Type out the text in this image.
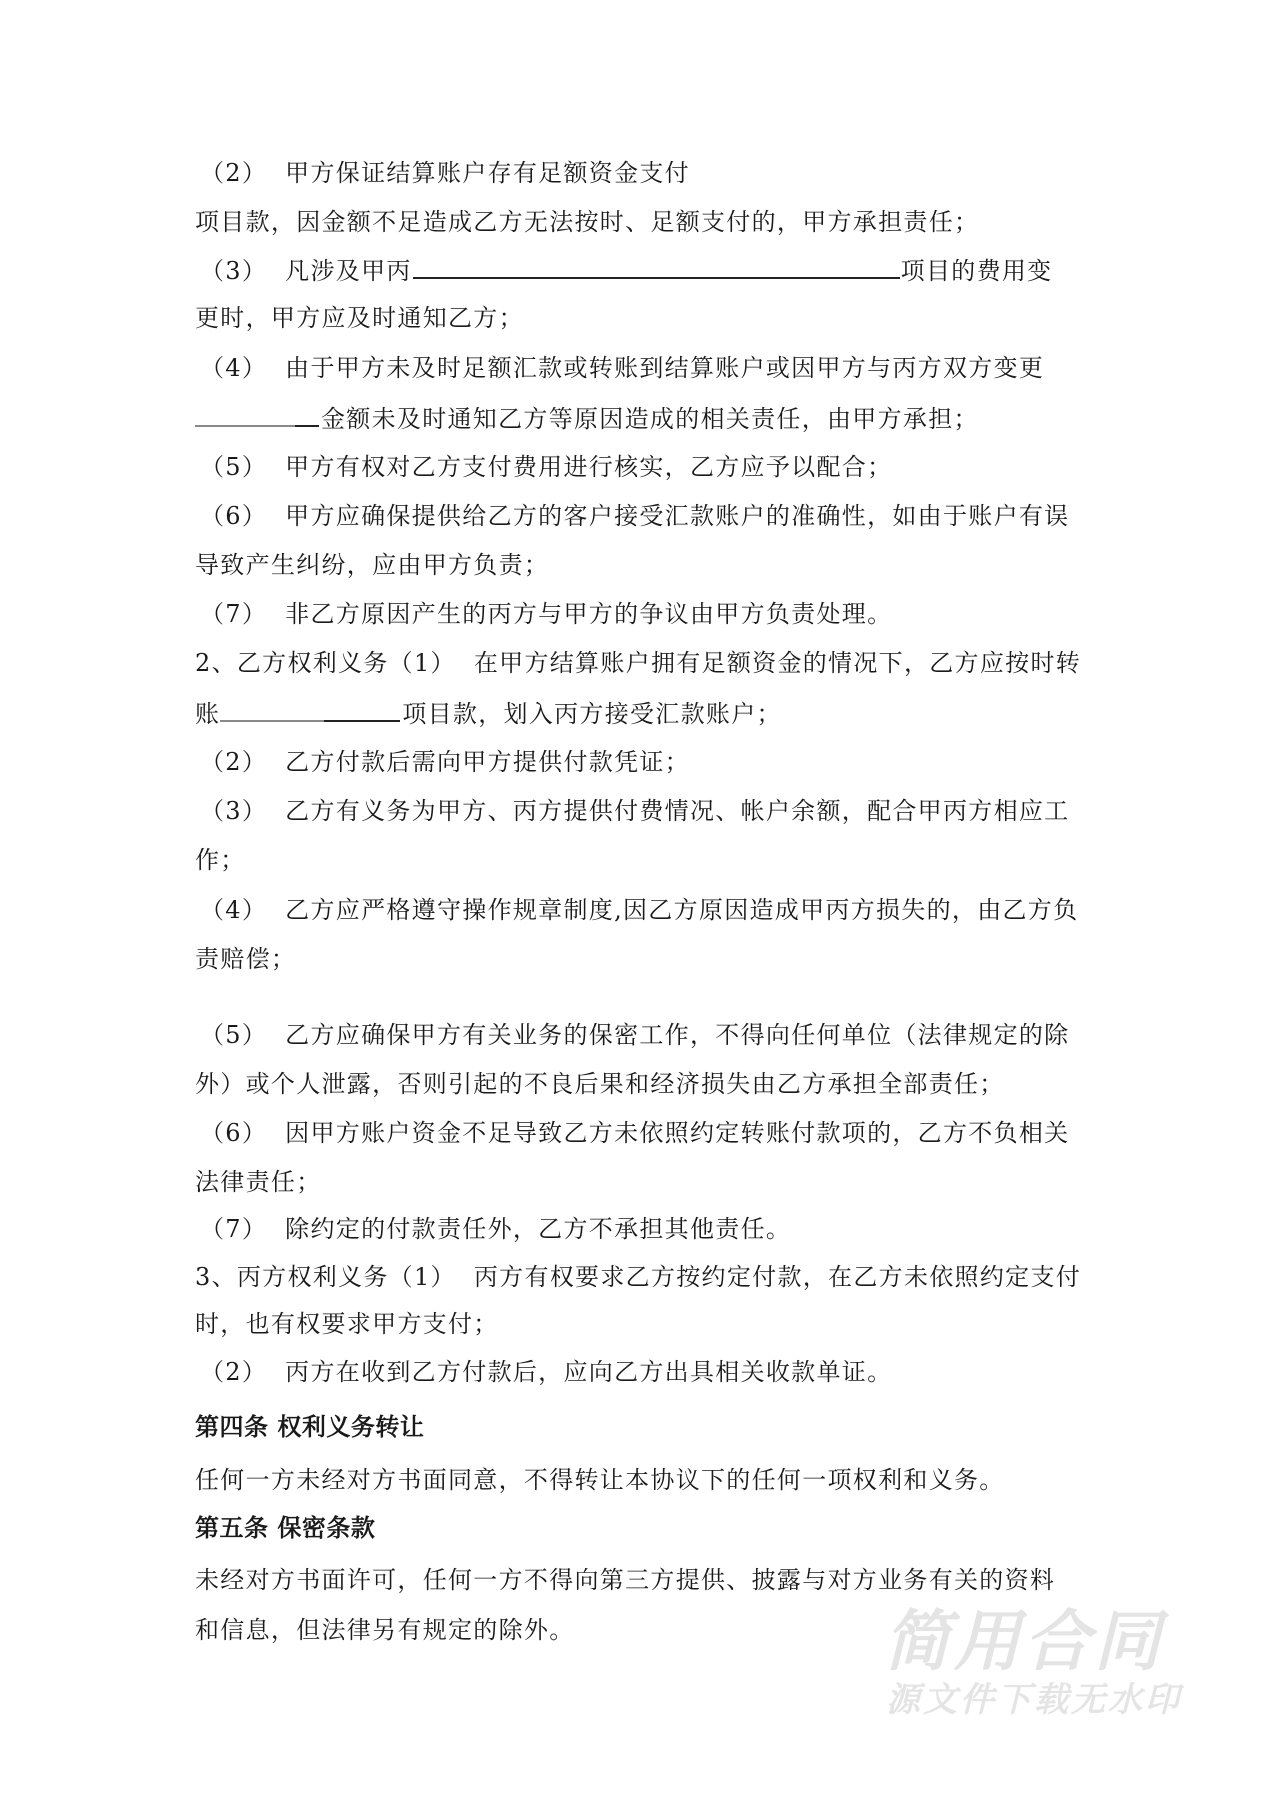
（2） 甲方保证结算账户存有足额资金支付
项目款，因金额不足造成乙方无法按时、足额支付的，甲方承担责任；
（3） 凡涉及甲丙	项目的费用变
更时，甲方应及时通知乙方；
（4） 由于甲方未及时足额汇款或转账到结算账户或因甲方与丙方双方变更
金额未及时通知乙方等原因造成的相关责任，由甲方承担；
（5） 甲方有权对乙方支付费用进行核实，乙方应予以配合；
（6） 甲方应确保提供给乙方的客户接受汇款账户的准确性，如由于账户有误
导致产生纠纷，应由甲方负责；
（7） 非乙方原因产生的丙方与甲方的争议由甲方负责处理。
2、乙方权利义务（1） 在甲方结算账户拥有足额资金的情况下，乙方应按时转
账	项目款，划入丙方接受汇款账户；
（2） 乙方付款后需向甲方提供付款凭证；
（3） 乙方有义务为甲方、丙方提供付费情况、帐户余额，配合甲丙方相应工
作；
（4） 乙方应严格遵守操作规章制度,因乙方原因造成甲丙方损失的，由乙方负
责赔偿；
（5） 乙方应确保甲方有关业务的保密工作，不得向任何单位（法律规定的除
外）或个人泄露，否则引起的不良后果和经济损失由乙方承担全部责任；
（6） 因甲方账户资金不足导致乙方未依照约定转账付款项的，乙方不负相关
法律责任；
（7） 除约定的付款责任外，乙方不承担其他责任。
3、丙方权利义务（1） 丙方有权要求乙方按约定付款，在乙方未依照约定支付
时，也有权要求甲方支付；
（2） 丙方在收到乙方付款后，应向乙方出具相关收款单证。
第四条 权利义务转让
任何一方未经对方书面同意，不得转让本协议下的任何一项权利和义务。
第五条 保密条款
未经对方书面许可，任何一方不得向第三方提供、披露与对方业务有关的资料
和信息，但法律另有规定的除外。	简用合同
源文件下载无水印
